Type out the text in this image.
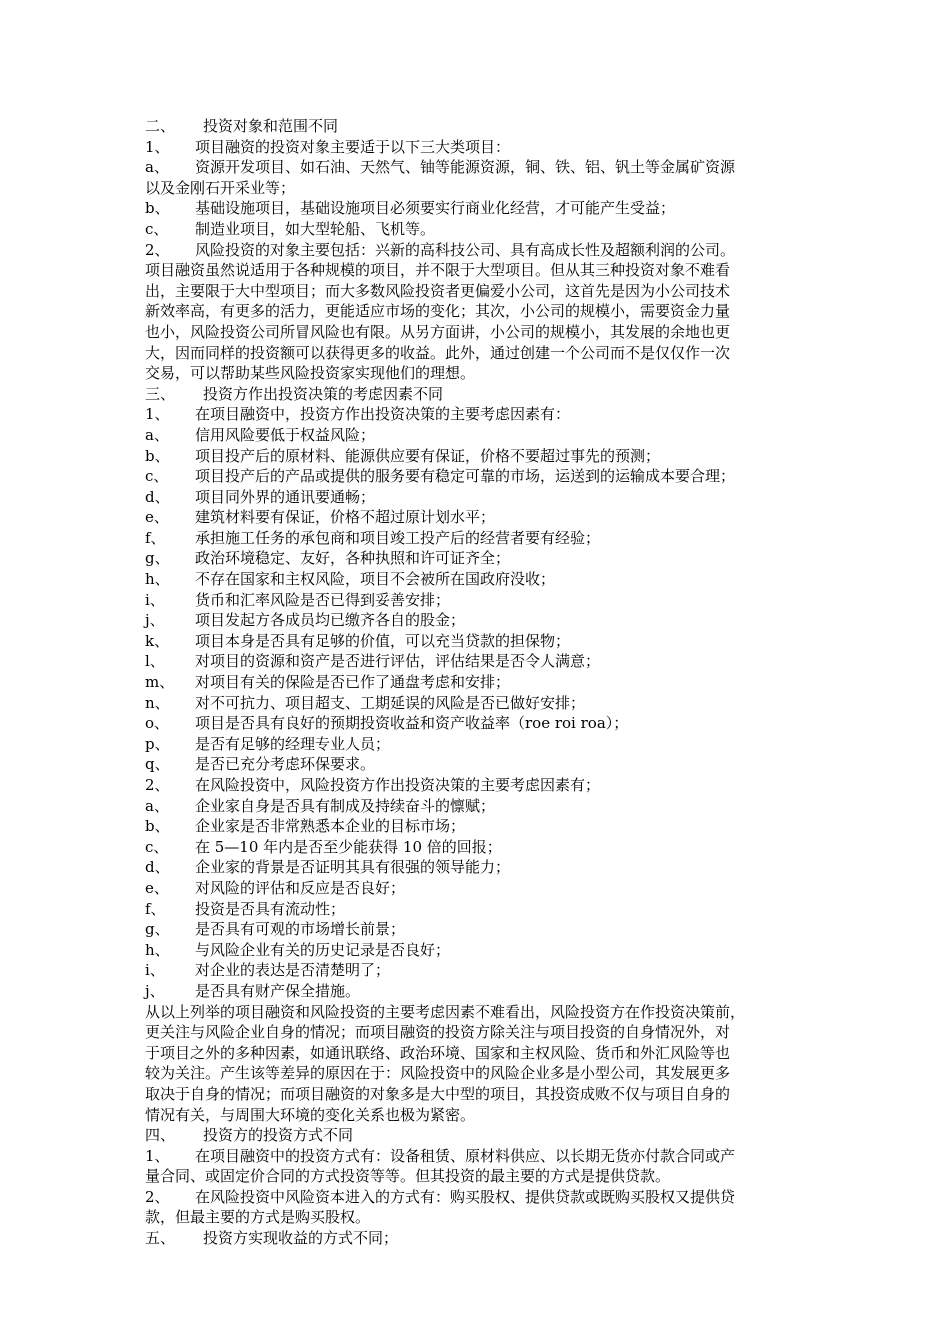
二、 投资对象和范围不同
1、 项目融资的投资对象主要适于以下三大类项目：
a、 资源开发项目、如石油、天然气、铀等能源资源，铜、铁、铝、钒土等金属矿资源
以及金刚石开采业等；
b、 基础设施项目，基础设施项目必须要实行商业化经营，才可能产生受益；
c、 制造业项目，如大型轮船、飞机等。
2、 风险投资的对象主要包括：兴新的高科技公司、具有高成长性及超额利润的公司。
项目融资虽然说适用于各种规模的项目，并不限于大型项目。但从其三种投资对象不难看
出，主要限于大中型项目；而大多数风险投资者更偏爱小公司，这首先是因为小公司技术
新效率高，有更多的活力，更能适应市场的变化；其次，小公司的规模小，需要资金力量
也小，风险投资公司所冒风险也有限。从另方面讲，小公司的规模小，其发展的余地也更
大，因而同样的投资额可以获得更多的收益。此外，通过创建一个公司而不是仅仅作一次
交易，可以帮助某些风险投资家实现他们的理想。
三、 投资方作出投资决策的考虑因素不同
1、 在项目融资中，投资方作出投资决策的主要考虑因素有：
a、 信用风险要低于权益风险；
b、 项目投产后的原材料、能源供应要有保证，价格不要超过事先的预测；
c、 项目投产后的产品或提供的服务要有稳定可靠的市场，运送到的运输成本要合理；
d、 项目同外界的通讯要通畅；
e、 建筑材料要有保证，价格不超过原计划水平；
f、 承担施工任务的承包商和项目竣工投产后的经营者要有经验；
g、 政治环境稳定、友好，各种执照和许可证齐全；
h、 不存在国家和主权风险，项目不会被所在国政府没收；
i、 货币和汇率风险是否已得到妥善安排；
j、 项目发起方各成员均已缴齐各自的股金；
k、 项目本身是否具有足够的价值，可以充当贷款的担保物；
l、 对项目的资源和资产是否进行评估，评估结果是否令人满意；
m、 对项目有关的保险是否已作了通盘考虑和安排；
n、 对不可抗力、项目超支、工期延误的风险是否已做好安排；
o、 项目是否具有良好的预期投资收益和资产收益率（roe roi roa）；
p、 是否有足够的经理专业人员；
q、 是否已充分考虑环保要求。
2、 在风险投资中，风险投资方作出投资决策的主要考虑因素有；
a、 企业家自身是否具有制成及持续奋斗的懔赋；
b、 企业家是否非常熟悉本企业的目标市场；
c、 在 5—10 年内是否至少能获得 10 倍的回报；
d、 企业家的背景是否证明其具有很强的领导能力；
e、 对风险的评估和反应是否良好；
f、 投资是否具有流动性；
g、 是否具有可观的市场增长前景；
h、 与风险企业有关的历史记录是否良好；
i、 对企业的表达是否清楚明了；
j、 是否具有财产保全措施。
从以上列举的项目融资和风险投资的主要考虑因素不难看出，风险投资方在作投资决策前，
更关注与风险企业自身的情况；而项目融资的投资方除关注与项目投资的自身情况外，对
于项目之外的多种因素，如通讯联络、政治环境、国家和主权风险、货币和外汇风险等也
较为关注。产生该等差异的原因在于：风险投资中的风险企业多是小型公司，其发展更多
取决于自身的情况；而项目融资的对象多是大中型的项目，其投资成败不仅与项目自身的
情况有关，与周围大环境的变化关系也极为紧密。
四、 投资方的投资方式不同
1、 在项目融资中的投资方式有：设备租赁、原材料供应、以长期无货亦付款合同或产
量合同、或固定价合同的方式投资等等。但其投资的最主要的方式是提供贷款。
2、 在风险投资中风险资本进入的方式有：购买股权、提供贷款或既购买股权又提供贷
款，但最主要的方式是购买股权。
五、 投资方实现收益的方式不同；
